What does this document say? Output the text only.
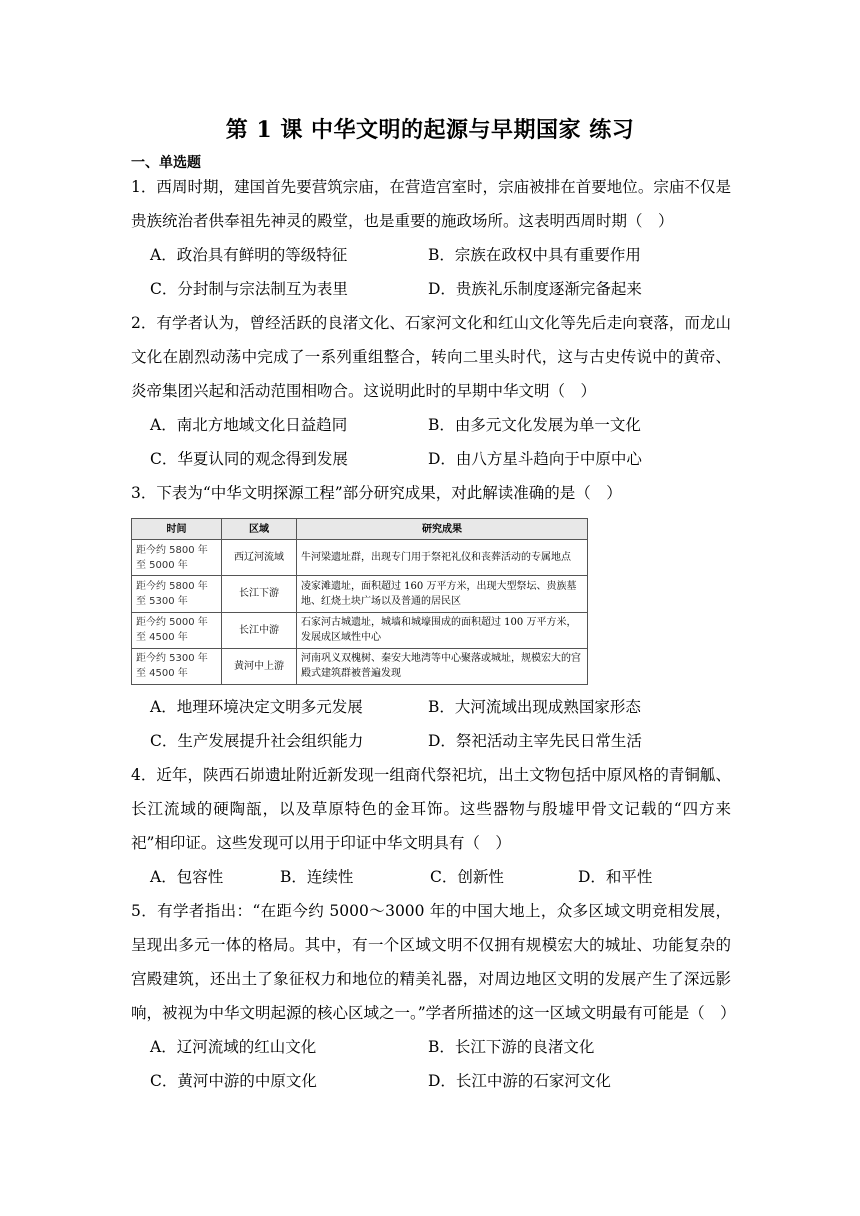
第 1 课 中华文明的起源与早期国家 练习
一、单选题
1．西周时期，建国首先要营筑宗庙，在营造宫室时，宗庙被排在首要地位。宗庙不仅是贵族统治者供奉祖先神灵的殿堂，也是重要的施政场所。这表明西周时期（　）
A．政治具有鲜明的等级特征	B．宗族在政权中具有重要作用
C．分封制与宗法制互为表里	D．贵族礼乐制度逐渐完备起来
2．有学者认为，曾经活跃的良渚文化、石家河文化和红山文化等先后走向衰落，而龙山文化在剧烈动荡中完成了一系列重组整合，转向二里头时代，这与古史传说中的黄帝、炎帝集团兴起和活动范围相吻合。这说明此时的早期中华文明（　）
A．南北方地域文化日益趋同	B．由多元文化发展为单一文化
C．华夏认同的观念得到发展	D．由八方星斗趋向于中原中心
3．下表为“中华文明探源工程”部分研究成果，对此解读准确的是（　）
时间	区域	研究成果
距今约 5800 年至 5000 年	西辽河流域	牛河梁遗址群，出现专门用于祭祀礼仪和丧葬活动的专属地点
距今约 5800 年至 5300 年	长江下游	凌家滩遗址，面积超过 160 万平方米，出现大型祭坛、贵族墓地、红烧土块广场以及普通的居民区
距今约 5000 年至 4500 年	长江中游	石家河古城遗址，城墙和城壕围成的面积超过 100 万平方米，发展成区域性中心
距今约 5300 年至 4500 年	黄河中上游	河南巩义双槐树、秦安大地湾等中心聚落或城址，规模宏大的宫殿式建筑群被普遍发现
A．地理环境决定文明多元发展	B．大河流域出现成熟国家形态
C．生产发展提升社会组织能力	D．祭祀活动主宰先民日常生活
4．近年，陕西石峁遗址附近新发现一组商代祭祀坑，出土文物包括中原风格的青铜觚、长江流域的硬陶瓿，以及草原特色的金耳饰。这些器物与殷墟甲骨文记载的“四方来祀”相印证。这些发现可以用于印证中华文明具有（　）
A．包容性	B．连续性	C．创新性	D．和平性
5．有学者指出：“在距今约 5000～3000 年的中国大地上，众多区域文明竞相发展，呈现出多元一体的格局。其中，有一个区域文明不仅拥有规模宏大的城址、功能复杂的宫殿建筑，还出土了象征权力和地位的精美礼器，对周边地区文明的发展产生了深远影响，被视为中华文明起源的核心区域之一。”学者所描述的这一区域文明最有可能是（　）
A．辽河流域的红山文化	B．长江下游的良渚文化
C．黄河中游的中原文化	D．长江中游的石家河文化
